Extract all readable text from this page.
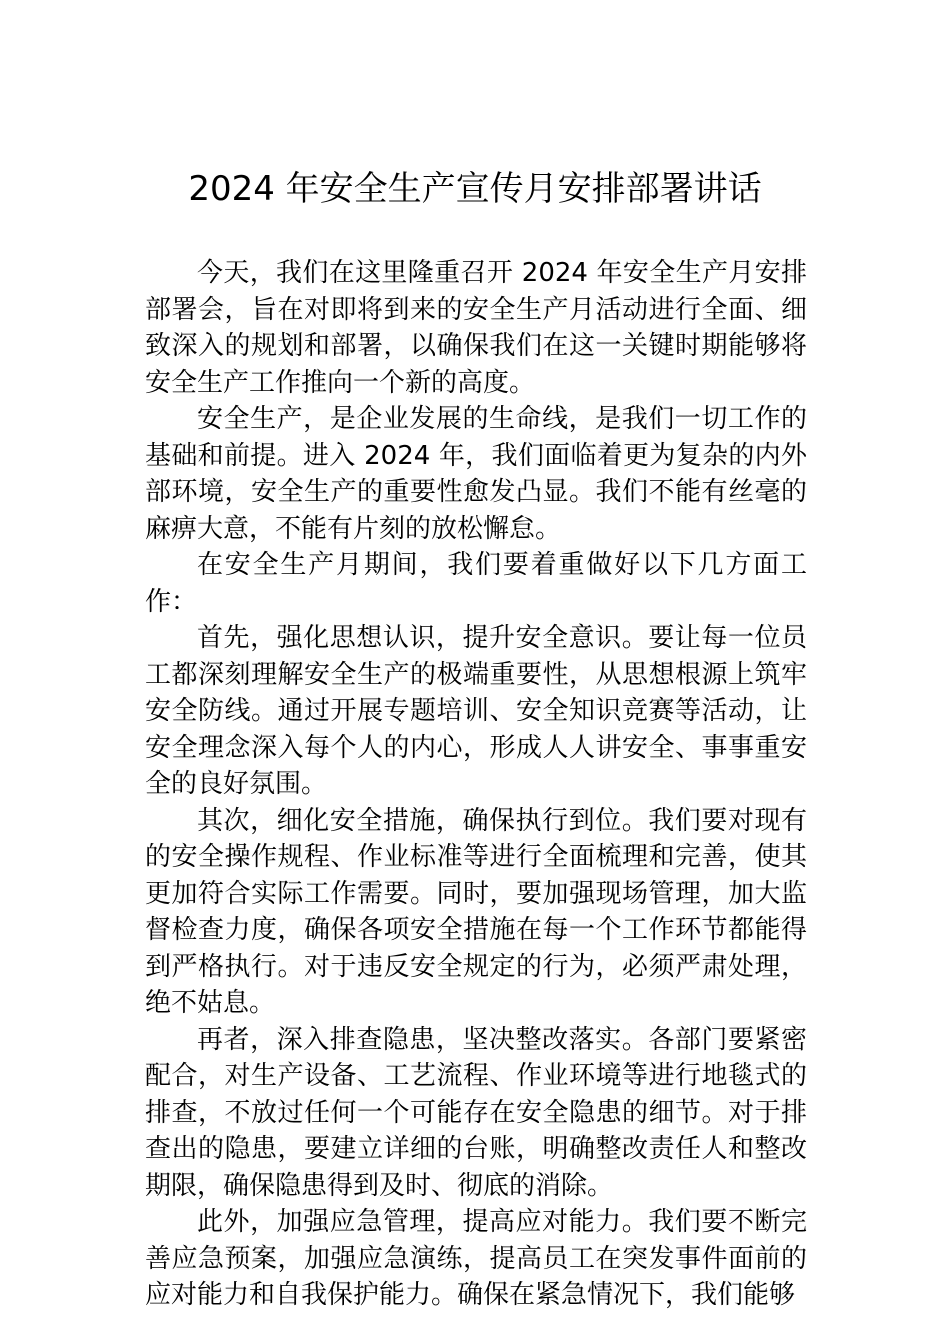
2024 年安全生产宣传月安排部署讲话

今天，我们在这里隆重召开 2024 年安全生产月安排部署会，旨在对即将到来的安全生产月活动进行全面、细致深入的规划和部署，以确保我们在这一关键时期能够将安全生产工作推向一个新的高度。

安全生产，是企业发展的生命线，是我们一切工作的基础和前提。进入 2024 年，我们面临着更为复杂的内外部环境，安全生产的重要性愈发凸显。我们不能有丝毫的麻痹大意，不能有片刻的放松懈怠。

在安全生产月期间，我们要着重做好以下几方面工作：

首先，强化思想认识，提升安全意识。要让每一位员工都深刻理解安全生产的极端重要性，从思想根源上筑牢安全防线。通过开展专题培训、安全知识竞赛等活动，让安全理念深入每个人的内心，形成人人讲安全、事事重安全的良好氛围。

其次，细化安全措施，确保执行到位。我们要对现有的安全操作规程、作业标准等进行全面梳理和完善，使其更加符合实际工作需要。同时，要加强现场管理，加大监督检查力度，确保各项安全措施在每一个工作环节都能得到严格执行。对于违反安全规定的行为，必须严肃处理，绝不姑息。

再者，深入排查隐患，坚决整改落实。各部门要紧密配合，对生产设备、工艺流程、作业环境等进行地毯式的排查，不放过任何一个可能存在安全隐患的细节。对于排查出的隐患，要建立详细的台账，明确整改责任人和整改期限，确保隐患得到及时、彻底的消除。

此外，加强应急管理，提高应对能力。我们要不断完善应急预案，加强应急演练，提高员工在突发事件面前的应对能力和自我保护能力。确保在紧急情况下，我们能够
